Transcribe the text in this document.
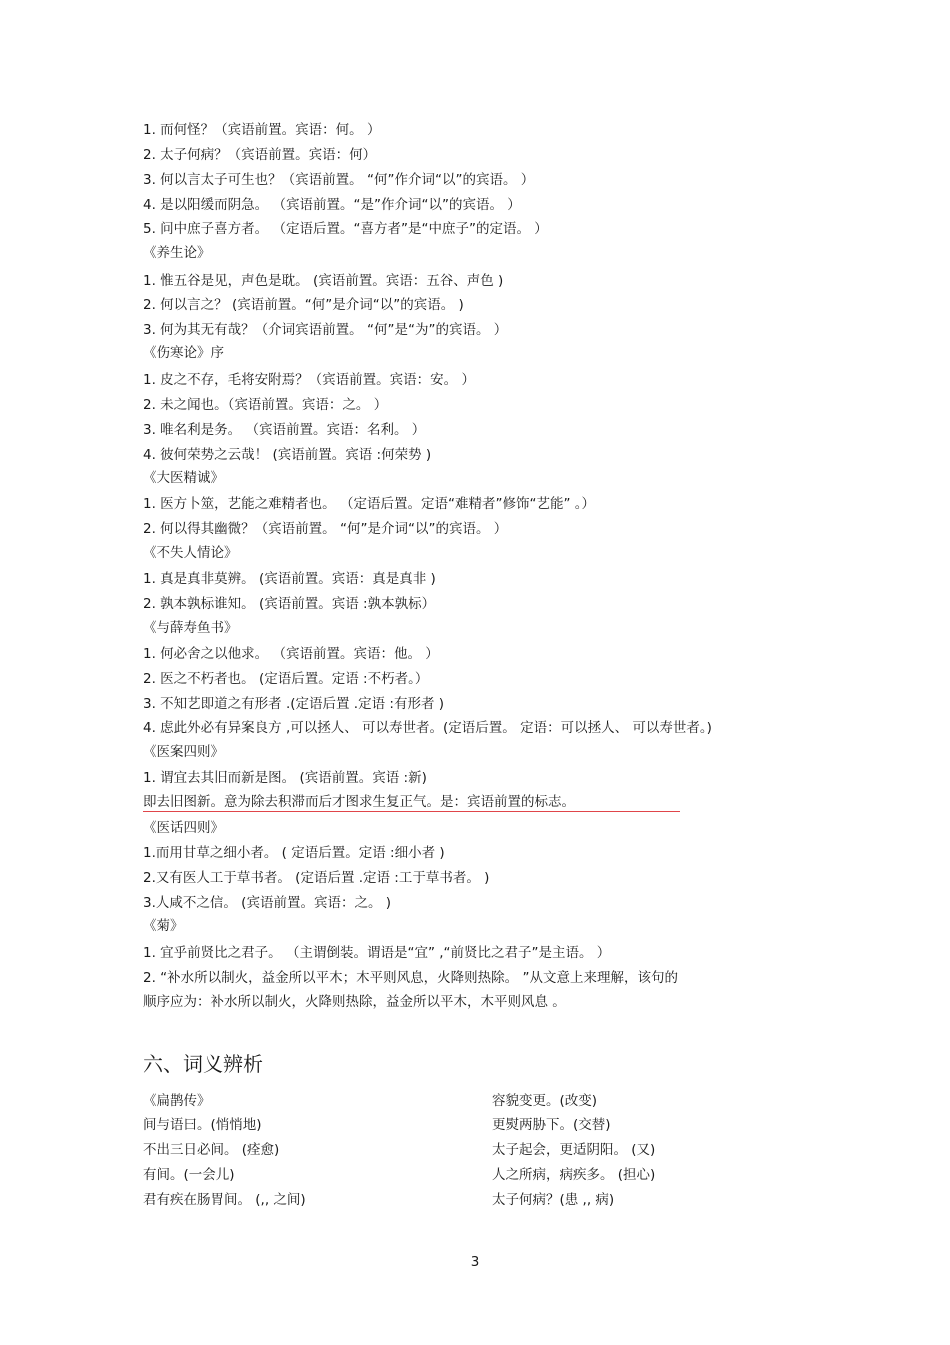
1. 而何怪？（宾语前置。宾语：何。 ）
2. 太子何病？（宾语前置。宾语：何）
3. 何以言太子可生也？（宾语前置。 “何”作介词“以”的宾语。 ）
4. 是以阳缓而阴急。 （宾语前置。“是”作介词“以”的宾语。 ）
5. 问中庶子喜方者。 （定语后置。“喜方者”是“中庶子”的定语。 ）
《养生论》
1. 惟五谷是见，声色是耽。 (宾语前置。宾语：五谷、声色 )
2. 何以言之？ (宾语前置。“何”是介词“以”的宾语。 )
3. 何为其无有哉？（介词宾语前置。 “何”是“为”的宾语。 ）
《伤寒论》序
1. 皮之不存，毛将安附焉？（宾语前置。宾语：安。 ）
2. 未之闻也。（宾语前置。宾语：之。 ）
3. 唯名利是务。 （宾语前置。宾语：名利。 ）
4. 彼何荣势之云哉！ (宾语前置。宾语 :何荣势 )
《大医精诚》
1. 医方卜筮，艺能之难精者也。 （定语后置。定语“难精者”修饰“艺能” 。）
2. 何以得其幽微？（宾语前置。 “何”是介词“以”的宾语。 ）
《不失人情论》
1. 真是真非莫辨。 (宾语前置。宾语：真是真非 )
2. 孰本孰标谁知。 (宾语前置。宾语 :孰本孰标）
《与薛寿鱼书》
1. 何必舍之以他求。 （宾语前置。宾语：他。 ）
2. 医之不朽者也。 (定语后置。定语 :不朽者。）
3. 不知艺即道之有形者 .(定语后置 .定语 :有形者 )
4. 虑此外必有异案良方 ,可以拯人、 可以寿世者。(定语后置。 定语：可以拯人、 可以寿世者。)
《医案四则》
1. 谓宜去其旧而新是图。 (宾语前置。宾语 :新)
即去旧图新。意为除去积滞而后才图求生复正气。是：宾语前置的标志。
《医话四则》
1.而用甘草之细小者。 ( 定语后置。定语 :细小者 )
2.又有医人工于草书者。 (定语后置 .定语 :工于草书者。 )
3.人咸不之信。 (宾语前置。宾语：之。 )
《菊》
1. 宜乎前贤比之君子。 （主谓倒装。谓语是“宜” ,“前贤比之君子”是主语。 ）
2. “补水所以制火，益金所以平木；木平则风息，火降则热除。 ”从文意上来理解，该句的
顺序应为：补水所以制火，火降则热除，益金所以平木，木平则风息 。
六、词义辨析
《扁鹊传》
间与语曰。(悄悄地)
不出三日必间。 (痊愈)
有间。(一会儿)
君有疾在肠胃间。 (,, 之间)
容貌变更。(改变)
更熨两胁下。(交替)
太子起会，更适阴阳。 (又)
人之所病，病疾多。 (担心)
太子何病？(患 ,, 病)
3
